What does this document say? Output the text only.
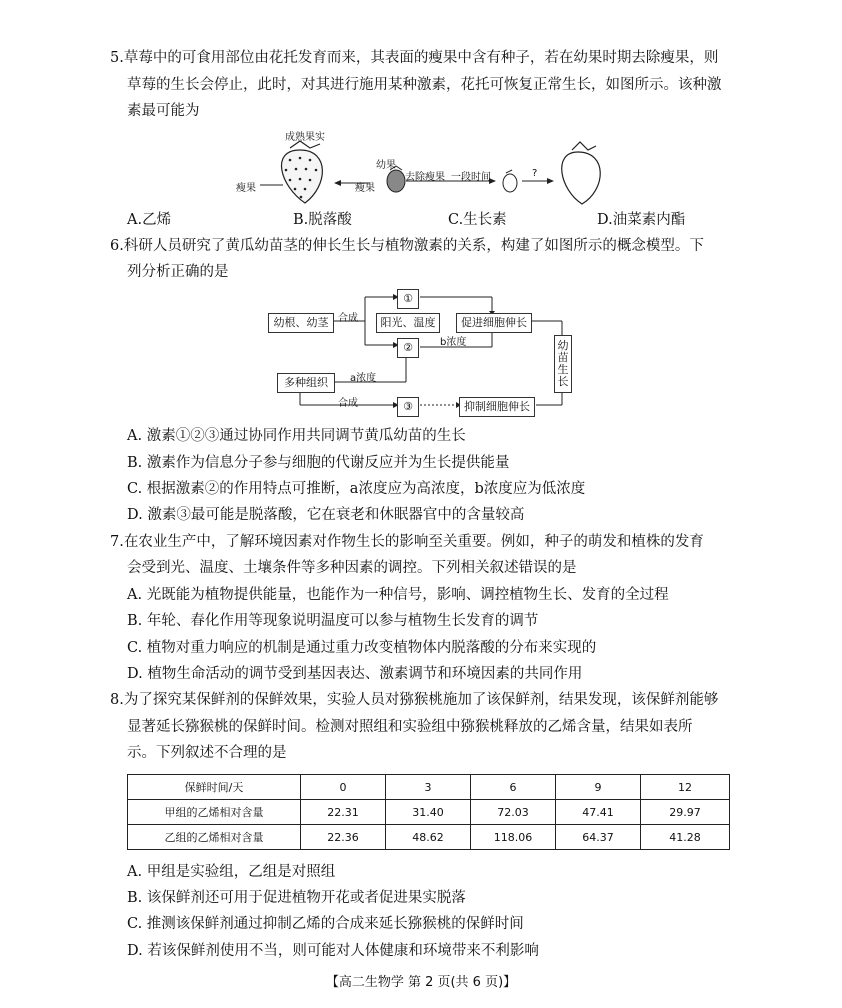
5.草莓中的可食用部位由花托发育而来，其表面的瘦果中含有种子，若在幼果时期去除瘦果，则
草莓的生长会停止，此时，对其进行施用某种激素，花托可恢复正常生长，如图所示。该种激
素最可能为
成熟果实
瘦果
幼果
瘦果
去除瘦果 一段时间	?
A.乙烯	B.脱落酸	C.生长素	D.油菜素内酯
6.科研人员研究了黄瓜幼苗茎的伸长生长与植物激素的关系，构建了如图所示的概念模型。下
列分析正确的是
幼根、幼茎 合成
①
阳光、温度	促进细胞伸长
②	b浓度	幼苗生长
多种组织	a浓度
合成	③	抑制细胞伸长
A. 激素①②③通过协同作用共同调节黄瓜幼苗的生长
B. 激素作为信息分子参与细胞的代谢反应并为生长提供能量
C. 根据激素②的作用特点可推断，a浓度应为高浓度，b浓度应为低浓度
D. 激素③最可能是脱落酸，它在衰老和休眠器官中的含量较高
7.在农业生产中，了解环境因素对作物生长的影响至关重要。例如，种子的萌发和植株的发育
会受到光、温度、土壤条件等多种因素的调控。下列相关叙述错误的是
A. 光既能为植物提供能量，也能作为一种信号，影响、调控植物生长、发育的全过程
B. 年轮、春化作用等现象说明温度可以参与植物生长发育的调节
C. 植物对重力响应的机制是通过重力改变植物体内脱落酸的分布来实现的
D. 植物生命活动的调节受到基因表达、激素调节和环境因素的共同作用
8.为了探究某保鲜剂的保鲜效果，实验人员对猕猴桃施加了该保鲜剂，结果发现，该保鲜剂能够
显著延长猕猴桃的保鲜时间。检测对照组和实验组中猕猴桃释放的乙烯含量，结果如表所
示。下列叙述不合理的是
保鲜时间/天	0	3	6	9	12
甲组的乙烯相对含量	22.31	31.40	72.03	47.41	29.97
乙组的乙烯相对含量	22.36	48.62	118.06	64.37	41.28
A. 甲组是实验组，乙组是对照组
B. 该保鲜剂还可用于促进植物开花或者促进果实脱落
C. 推测该保鲜剂通过抑制乙烯的合成来延长猕猴桃的保鲜时间
D. 若该保鲜剂使用不当，则可能对人体健康和环境带来不利影响
【高二生物学 第 2 页(共 6 页)】
